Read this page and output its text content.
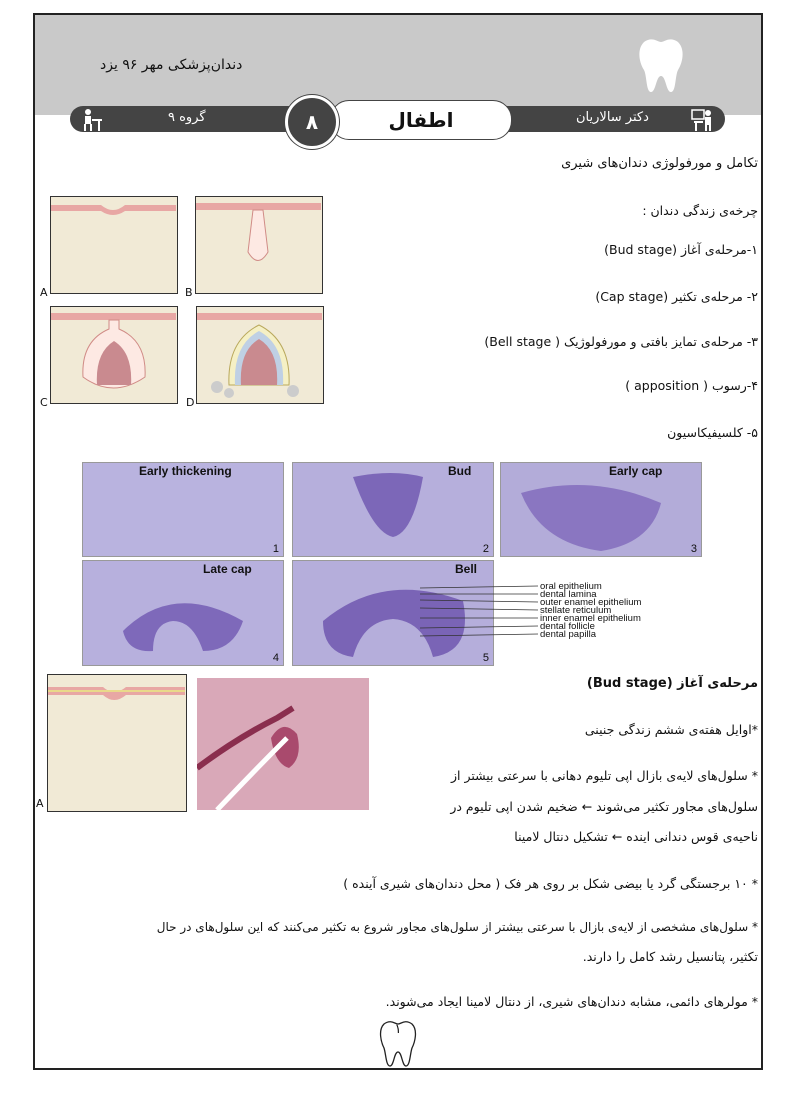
دندان‌پزشکی مهر ۹۶ یزد
گروه ۹	دکتر سالاریان
اطفال
۸
تکامل و مورفولوژی دندان‌های شیری
چرخه‌ی زندگی دندان :
۱-مرحله‌ی آغاز (Bud stage)
۲- مرحله‌ی تکثیر (Cap stage)
۳- مرحله‌ی تمایز بافتی و مورفولوژیک ( Bell stage)
۴-رسوب ( apposition )
۵- کلسیفیکاسیون
A	B
C	D
Early thickening
1
Bud
2
Early cap
3
Late cap
4
Bell
5
oral epithelium
dental lamina
outer enamel epithelium
stellate reticulum
inner enamel epithelium
dental follicle
dental papilla
مرحله‌ی آغاز (Bud stage)
A
*اوایل هفته‌ی ششم زندگی جنینی
* سلول‌های لایه‌ی بازال اپی تلیوم دهانی با سرعتی بیشتر از
سلول‌های مجاور تکثیر می‌شوند ← ضخیم شدن اپی تلیوم در
ناحیه‌ی قوس دندانی اینده ← تشکیل دنتال لامینا
* ۱۰ برجستگی گرد یا بیضی شکل بر روی هر فک ( محل دندان‌های شیری آینده )
* سلول‌های مشخصی از لایه‌ی بازال با سرعتی بیشتر از سلول‌های مجاور شروع به تکثیر می‌کنند که این سلول‌های در حال
تکثیر، پتانسیل رشد کامل را دارند.
* مولرهای دائمی، مشابه دندان‌های شیری، از دنتال لامینا ایجاد می‌شوند.
۱
